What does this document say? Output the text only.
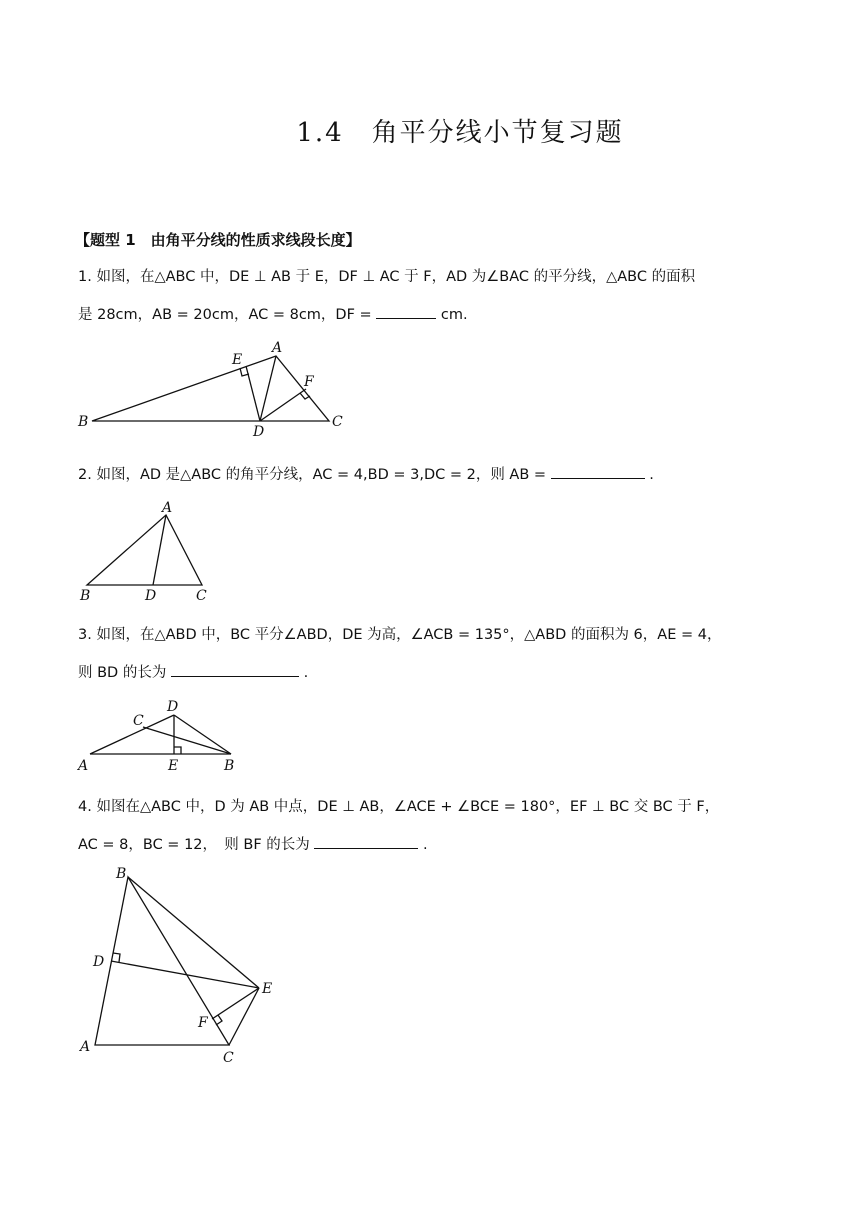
1.4　角平分线小节复习题
【题型 1　由角平分线的性质求线段长度】
1. 如图，在△ABC 中，DE ⊥ AB 于 E，DF ⊥ AC 于 F，AD 为∠BAC 的平分线，△ABC 的面积
是 28cm，AB = 20cm，AC = 8cm，DF =	cm.
E
A
F
B
D
C
2. 如图，AD 是△ABC 的角平分线，AC = 4,BD = 3,DC = 2，则 AB =	.
A
B	D	C
3. 如图，在△ABD 中，BC 平分∠ABD，DE 为高，∠ACB = 135°，△ABD 的面积为 6，AE = 4，
则 BD 的长为	.
D
C
A	E	B
4. 如图在△ABC 中，D 为 AB 中点，DE ⊥ AB，∠ACE + ∠BCE = 180°，EF ⊥ BC 交 BC 于 F，
AC = 8，BC = 12，　则 BF 的长为	.
B
D
E
F
A
C
